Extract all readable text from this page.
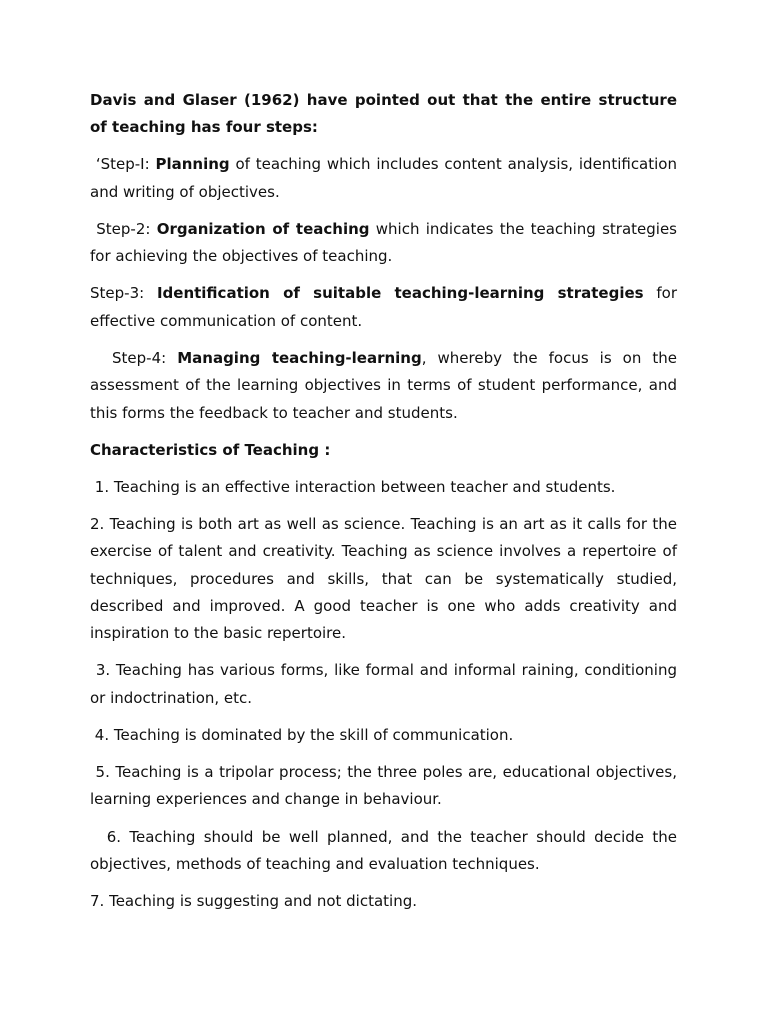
Davis and Glaser (1962) have pointed out that the entire structure of teaching has four steps:

‘Step-I: Planning of teaching which includes content analysis, identification and writing of objectives.

Step-2: Organization of teaching which indicates the teaching strategies for achieving the objectives of teaching.

Step-3: Identification of suitable teaching-learning strategies for effective communication of content.

Step-4: Managing teaching-learning, whereby the focus is on the assessment of the learning objectives in terms of student performance, and this forms the feedback to teacher and students.

Characteristics of Teaching :

1. Teaching is an effective interaction between teacher and students.

2. Teaching is both art as well as science. Teaching is an art as it calls for the exercise of talent and creativity. Teaching as science involves a repertoire of techniques, procedures and skills, that can be systematically studied, described and improved. A good teacher is one who adds creativity and inspiration to the basic repertoire.

3. Teaching has various forms, like formal and informal raining, conditioning or indoctrination, etc.

4. Teaching is dominated by the skill of communication.

5. Teaching is a tripolar process; the three poles are, educational objectives, learning experiences and change in behaviour.

6. Teaching should be well planned, and the teacher should decide the objectives, methods of teaching and evaluation techniques.

7. Teaching is suggesting and not dictating.
